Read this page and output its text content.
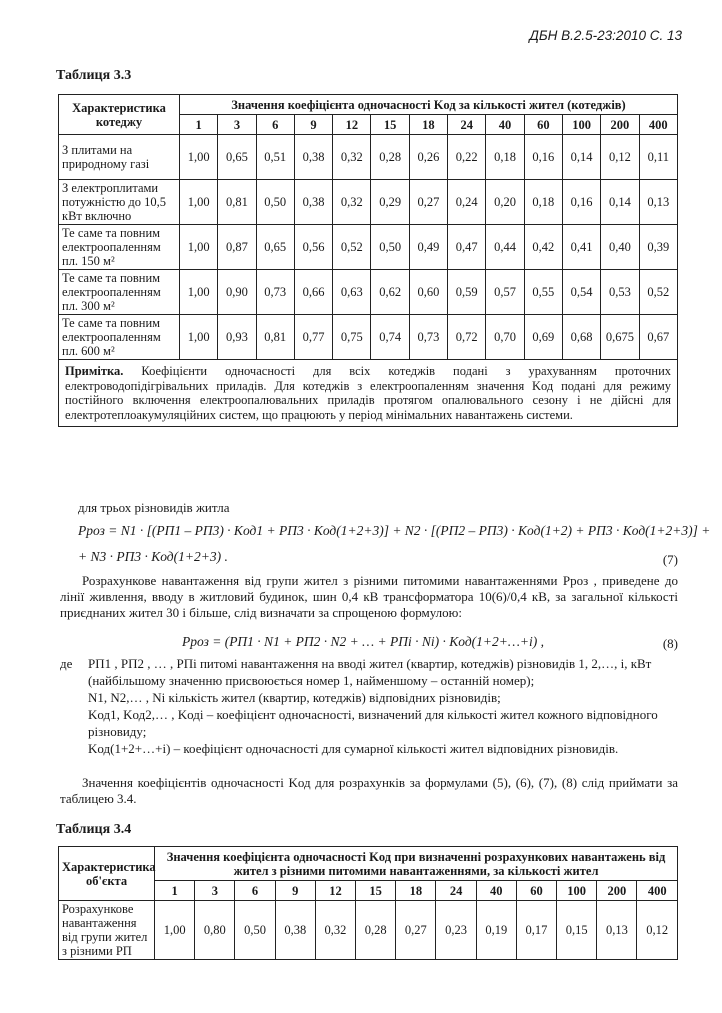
ДБН В.2.5-23:2010 С. 13
Таблиця 3.3
Характеристика котеджу	Значення коефіцієнта одночасності Kод за кількості жител (котеджів)												
	1	3	6	9	12	15	18	24	40	60	100	200	400
З плитами на природному газі	1,00	0,65	0,51	0,38	0,32	0,28	0,26	0,22	0,18	0,16	0,14	0,12	0,11
З електроплитами потужністю до 10,5 кВт включно	1,00	0,81	0,50	0,38	0,32	0,29	0,27	0,24	0,20	0,18	0,16	0,14	0,13
Те саме та повним електроопаленням пл. 150 м²	1,00	0,87	0,65	0,56	0,52	0,50	0,49	0,47	0,44	0,42	0,41	0,40	0,39
Те саме та повним електроопаленням пл. 300 м²	1,00	0,90	0,73	0,66	0,63	0,62	0,60	0,59	0,57	0,55	0,54	0,53	0,52
Те саме та повним електроопаленням пл. 600 м²	1,00	0,93	0,81	0,77	0,75	0,74	0,73	0,72	0,70	0,69	0,68	0,675	0,67
Примітка. Коефіцієнти одночасності для всіх котеджів подані з урахуванням проточних електроводопідігрівальних приладів. Для котеджів з електроопаленням значення Kод подані для режиму постійного включення електроопалювальних приладів протягом опалювального сезону і не дійсні для електротеплоакумуляційних систем, що працюють у період мінімальних навантажень системи.													
для трьох різновидів житла
Pроз = N1 · [(PП1 – PП3) · Kод1 + PП3 · Kод(1+2+3)] + N2 · [(PП2 – PП3) · Kод(1+2) + PП3 · Kод(1+2+3)] +
+ N3 · PП3 · Kод(1+2+3) .	(7)
Розрахункове навантаження від групи жител з різними питомими навантаженнями Pроз , приведене до лінії живлення, вводу в житловий будинок, шин 0,4 кВ трансформатора 10(6)/0,4 кВ, за загальної кількості приєднаних жител 30 і більше, слід визначати за спрощеною формулою:
Pроз = (PП1 · N1 + PП2 · N2 + … + PПi · Ni) · Kод(1+2+…+i) ,	(8)
де	PП1 , PП2 , … , PПi питомі навантаження на вводі жител (квартир, котеджів) різновидів 1, 2,…, i, кВт (найбільшому значенню присвоюється номер 1, найменшому – останній номер);
N1, N2,… , Ni кількість жител (квартир, котеджів) відповідних різновидів;
Kод1, Kод2,… , Kодi – коефіцієнт одночасності, визначений для кількості жител кожного відповідного різновиду;
Kод(1+2+…+i) – коефіцієнт одночасності для сумарної кількості жител відповідних різновидів.
Значення коефіцієнтів одночасності Kод для розрахунків за формулами (5), (6), (7), (8) слід приймати за таблицею 3.4.
Таблиця 3.4
Характеристика об'єкта	Значення коефіцієнта одночасності Kод при визначенні розрахункових навантажень від жител з різними питомими навантаженнями, за кількості жител												
	1	3	6	9	12	15	18	24	40	60	100	200	400
Розрахункове навантаження від групи жител з різними PП	1,00	0,80	0,50	0,38	0,32	0,28	0,27	0,23	0,19	0,17	0,15	0,13	0,12
